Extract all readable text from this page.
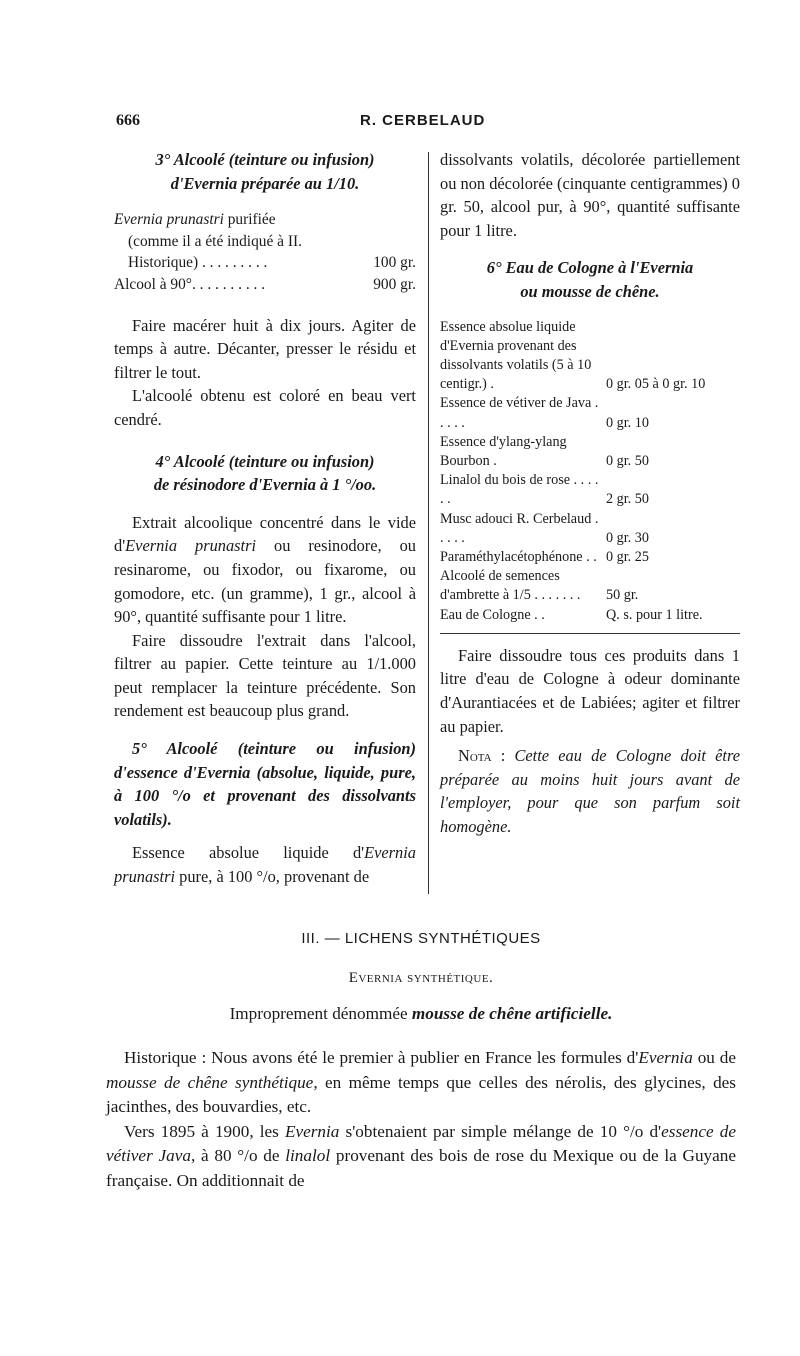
666	R. CERBELAUD

3° Alcoolé (teinture ou infusion)

d'Evernia préparée au 1/10.

Evernia prunastri purifiée

(comme il a été indiqué à II.

Historique) . . . . . . . . .	100 gr.
Alcool à 90°. . . . . . . . . .	900 gr.

Faire macérer huit à dix jours. Agiter de temps à autre. Décanter, presser le résidu et filtrer le tout.

L'alcoolé obtenu est coloré en beau vert cendré.

4° Alcoolé (teinture ou infusion)

de résinodore d'Evernia à 1 °/oo.

Extrait alcoolique concentré dans le vide d'Evernia prunastri ou resinodore, ou resinarome, ou fixodor, ou fixarome, ou gomodore, etc. (un gramme), 1 gr., alcool à 90°, quantité suffisante pour 1 litre.

Faire dissoudre l'extrait dans l'alcool, filtrer au papier. Cette teinture au 1/1.000 peut remplacer la teinture précédente. Son rendement est beaucoup plus grand.

5° Alcoolé (teinture ou infusion) d'essence d'Evernia (absolue, liquide, pure, à 100 °/o et provenant des dissolvants volatils).

Essence absolue liquide d'Evernia prunastri pure, à 100 °/o, provenant de

dissolvants volatils, décolorée partiellement ou non décolorée (cinquante centigrammes) 0 gr. 50, alcool pur, à 90°, quantité suffisante pour 1 litre.

6° Eau de Cologne à l'Evernia

ou mousse de chêne.

Essence absolue liquide d'Evernia provenant des dissolvants volatils (5 à 10 centigr.) .	0 gr. 05 à 0 gr. 10
Essence de vétiver de Java . . . . .	0 gr. 10
Essence d'ylang-ylang Bourbon .	0 gr. 50
Linalol du bois de rose . . . . . .	2 gr. 50
Musc adouci R. Cerbelaud . . . . .	0 gr. 30
Paraméthylacétophénone . .	0 gr. 25
Alcoolé de semences d'ambrette à 1/5 . . . . . . .	50 gr.
Eau de Cologne . .	Q. s. pour 1 litre.

Faire dissoudre tous ces produits dans 1 litre d'eau de Cologne à odeur dominante d'Aurantiacées et de Labiées; agiter et filtrer au papier.

Nota : Cette eau de Cologne doit être préparée au moins huit jours avant de l'employer, pour que son parfum soit homogène.

III. — LICHENS SYNTHÉTIQUES
Evernia synthétique.
Improprement dénommée mousse de chêne artificielle.

Historique : Nous avons été le premier à publier en France les formules d'Evernia ou de mousse de chêne synthétique, en même temps que celles des nérolis, des glycines, des jacinthes, des bouvardies, etc.

Vers 1895 à 1900, les Evernia s'obtenaient par simple mélange de 10 °/o d'essence de vétiver Java, à 80 °/o de linalol provenant des bois de rose du Mexique ou de la Guyane française. On additionnait de
